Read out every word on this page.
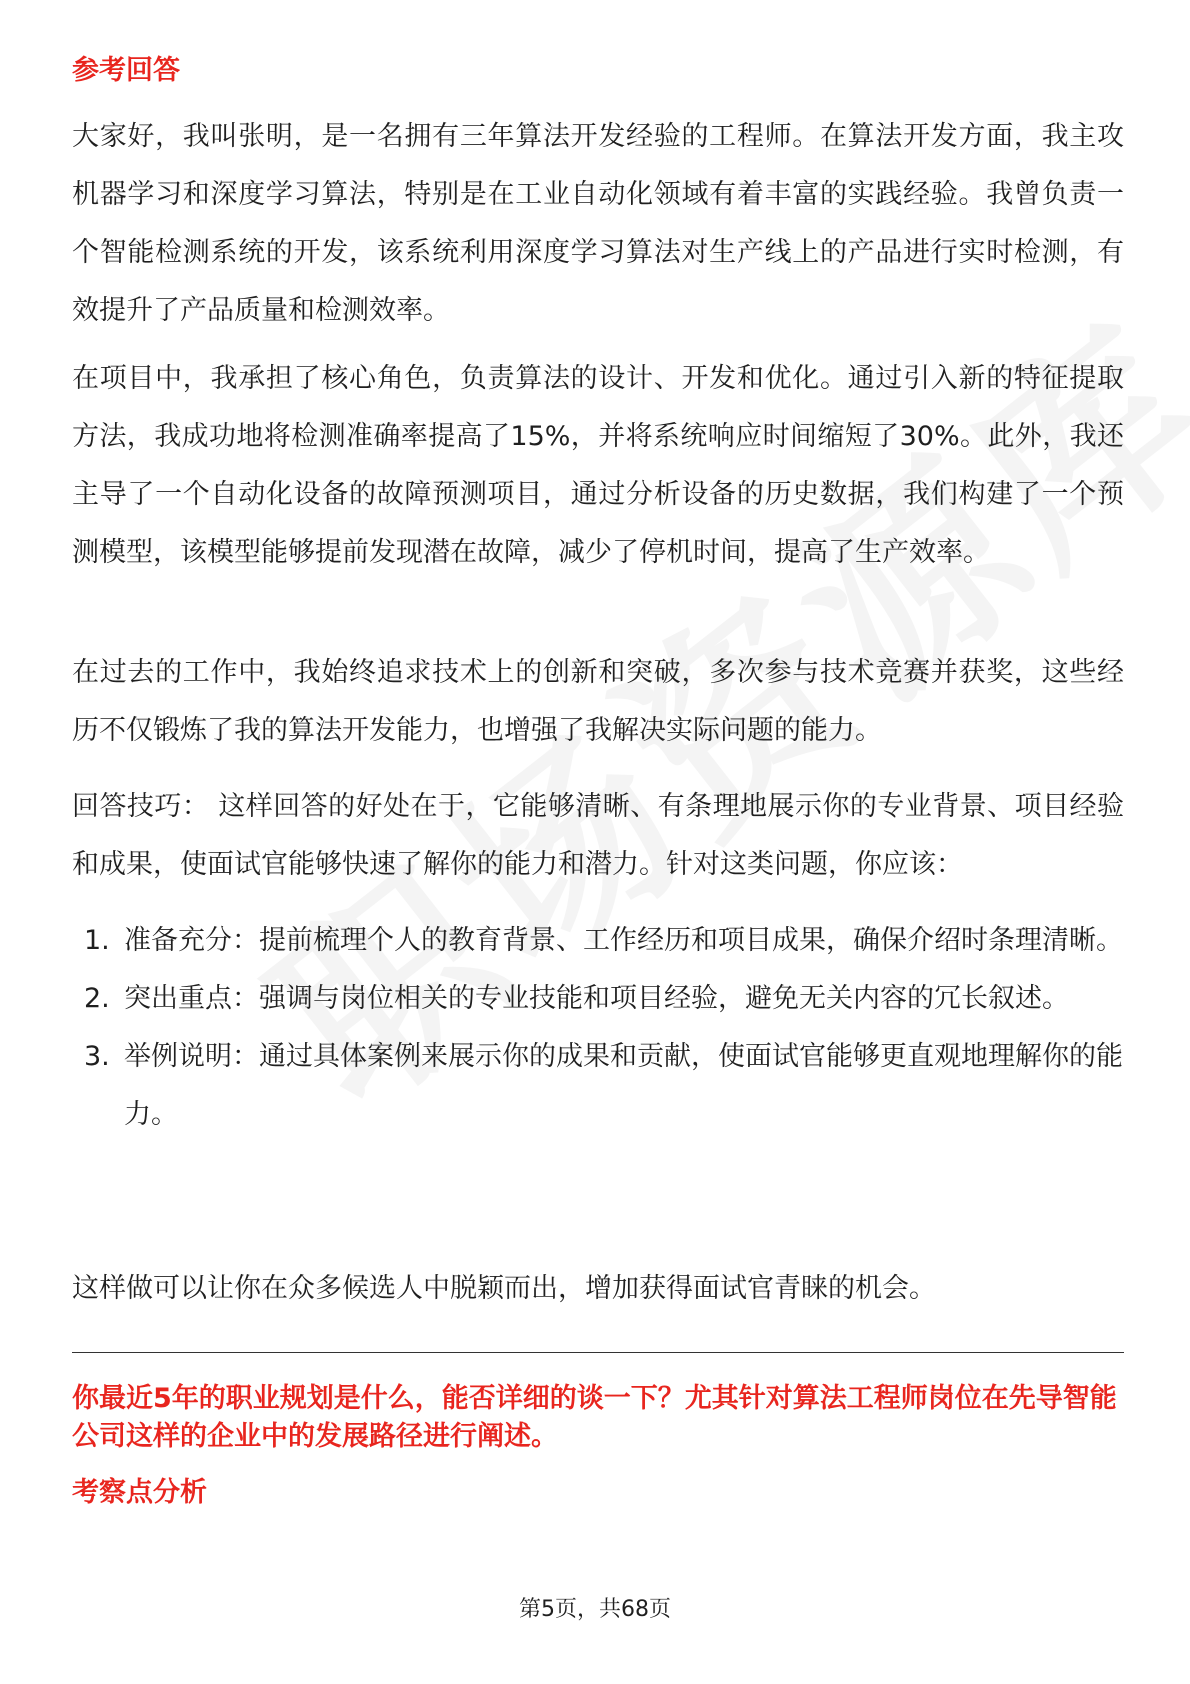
参考回答

大家好，我叫张明，是一名拥有三年算法开发经验的工程师。在算法开发方面，我主攻机器学习和深度学习算法，特别是在工业自动化领域有着丰富的实践经验。我曾负责一个智能检测系统的开发，该系统利用深度学习算法对生产线上的产品进行实时检测，有效提升了产品质量和检测效率。

在项目中，我承担了核心角色，负责算法的设计、开发和优化。通过引入新的特征提取方法，我成功地将检测准确率提高了15%，并将系统响应时间缩短了30%。此外，我还主导了一个自动化设备的故障预测项目，通过分析设备的历史数据，我们构建了一个预测模型，该模型能够提前发现潜在故障，减少了停机时间，提高了生产效率。

在过去的工作中，我始终追求技术上的创新和突破，多次参与技术竞赛并获奖，这些经历不仅锻炼了我的算法开发能力，也增强了我解决实际问题的能力。

回答技巧： 这样回答的好处在于，它能够清晰、有条理地展示你的专业背景、项目经验和成果，使面试官能够快速了解你的能力和潜力。针对这类问题，你应该：

1. 准备充分：提前梳理个人的教育背景、工作经历和项目成果，确保介绍时条理清晰。
2. 突出重点：强调与岗位相关的专业技能和项目经验，避免无关内容的冗长叙述。
3. 举例说明：通过具体案例来展示你的成果和贡献，使面试官能够更直观地理解你的能力。

这样做可以让你在众多候选人中脱颖而出，增加获得面试官青睐的机会。

你最近5年的职业规划是什么，能否详细的谈一下？尤其针对算法工程师岗位在先导智能公司这样的企业中的发展路径进行阐述。

考察点分析
第5页，共68页
